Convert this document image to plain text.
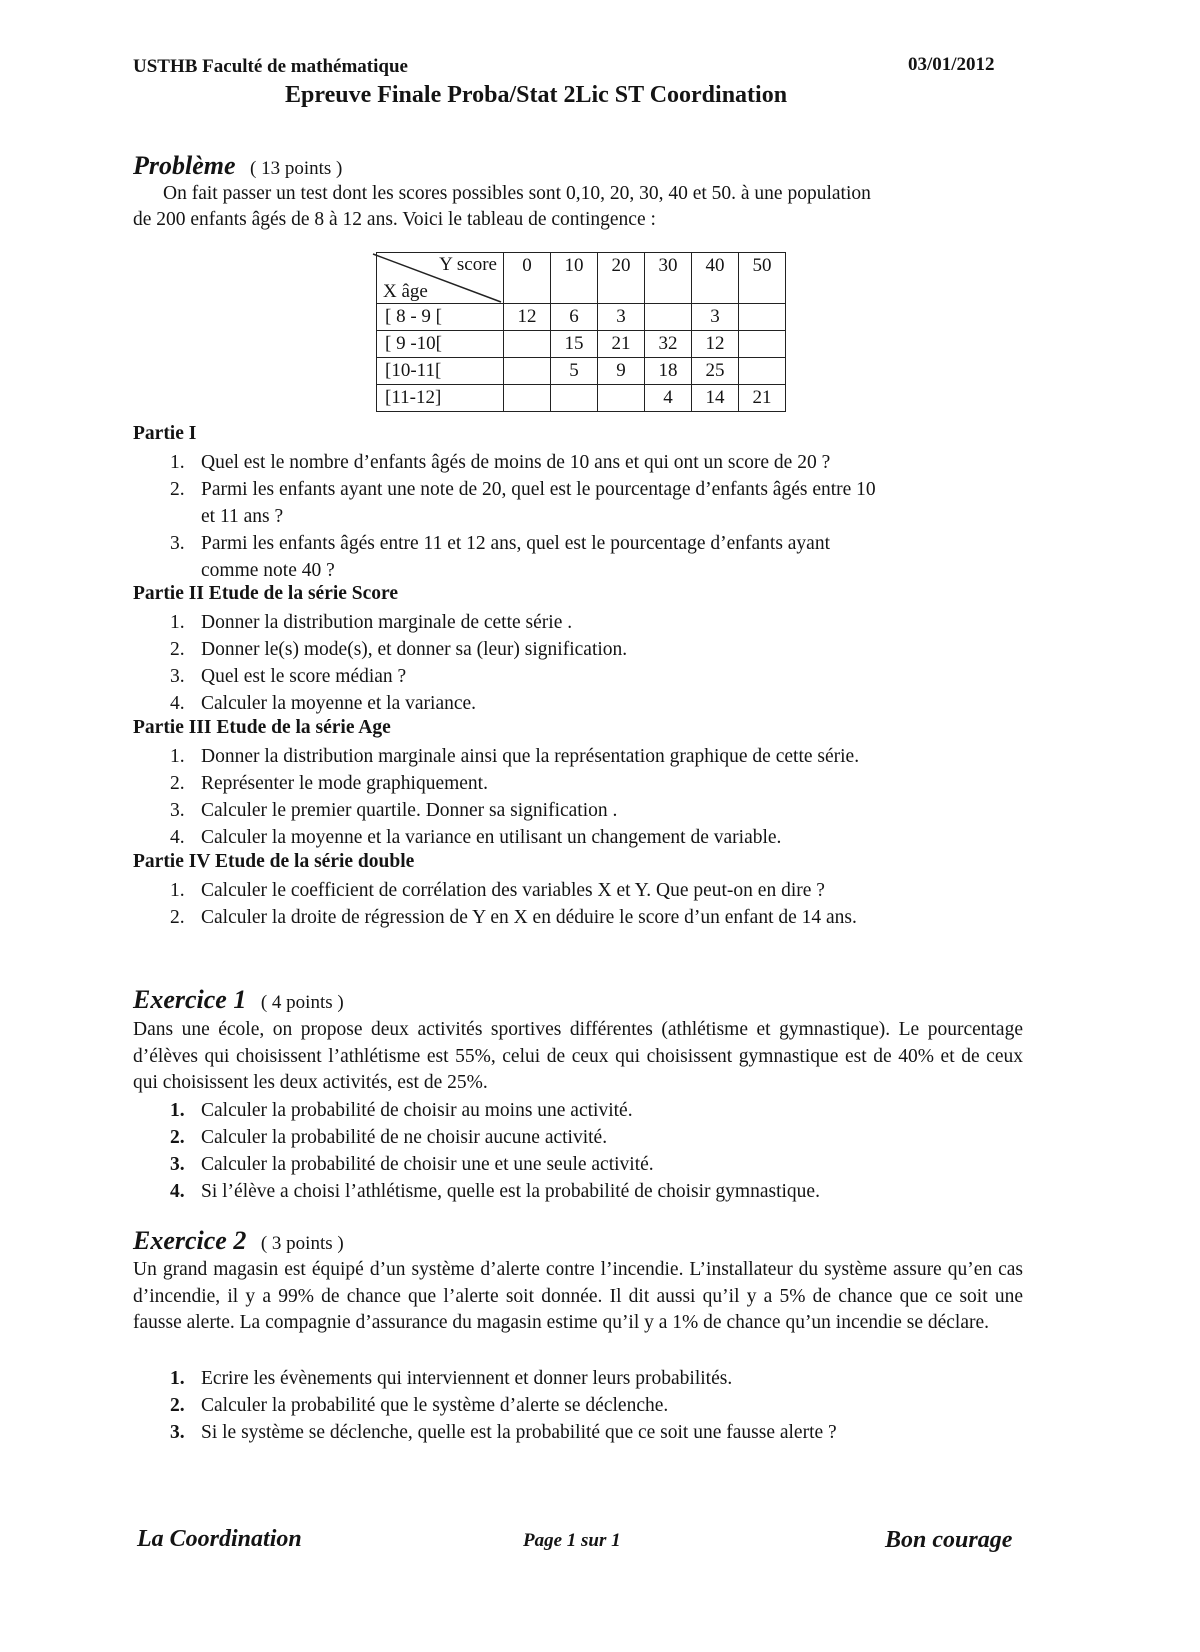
USTHB Faculté de mathématique	03/01/2012
Epreuve Finale Proba/Stat 2Lic ST Coordination
Problème ( 13 points )
On fait passer un test dont les scores possibles sont 0,10, 20, 30, 40 et 50. à une population
de 200 enfants âgés de 8 à 12 ans. Voici le tableau de contingence :
Y score
X âge	0	10	20	30	40	50
[ 8 - 9 [	12	6	3		3	
[ 9 -10[		15	21	32	12	
[10-11[		5	9	18	25	
[11-12]				4	14	21
Partie I
1. Quel est le nombre d’enfants âgés de moins de 10 ans et qui ont un score de 20 ?
2. Parmi les enfants ayant une note de 20, quel est le pourcentage d’enfants âgés entre 10
et 11 ans ?
3. Parmi les enfants âgés entre 11 et 12 ans, quel est le pourcentage d’enfants ayant
comme note 40 ?
Partie II Etude de la série Score
1. Donner la distribution marginale de cette série .
2. Donner le(s) mode(s), et donner sa (leur) signification.
3. Quel est le score médian ?
4. Calculer la moyenne et la variance.
Partie III Etude de la série Age
1. Donner la distribution marginale ainsi que la représentation graphique de cette série.
2. Représenter le mode graphiquement.
3. Calculer le premier quartile. Donner sa signification .
4. Calculer la moyenne et la variance en utilisant un changement de variable.
Partie IV Etude de la série double
1. Calculer le coefficient de corrélation des variables X et Y. Que peut-on en dire ?
2. Calculer la droite de régression de Y en X en déduire le score d’un enfant de 14 ans.
Exercice 1 ( 4 points )
Dans une école, on propose deux activités sportives différentes (athlétisme et gymnastique). Le pourcentage d’élèves qui choisissent l’athlétisme est 55%, celui de ceux qui choisissent gymnastique est de 40% et de ceux qui choisissent les deux activités, est de 25%.
1. Calculer la probabilité de choisir au moins une activité.
2. Calculer la probabilité de ne choisir aucune activité.
3. Calculer la probabilité de choisir une et une seule activité.
4. Si l’élève a choisi l’athlétisme, quelle est la probabilité de choisir gymnastique.
Exercice 2 ( 3 points )
Un grand magasin est équipé d’un système d’alerte contre l’incendie. L’installateur du système assure qu’en cas d’incendie, il y a 99% de chance que l’alerte soit donnée. Il dit aussi qu’il y a 5% de chance que ce soit une fausse alerte. La compagnie d’assurance du magasin estime qu’il y a 1% de chance qu’un incendie se déclare.
1. Ecrire les évènements qui interviennent et donner leurs probabilités.
2. Calculer la probabilité que le système d’alerte se déclenche.
3. Si le système se déclenche, quelle est la probabilité que ce soit une fausse alerte ?
La Coordination	Page 1 sur 1	Bon courage
